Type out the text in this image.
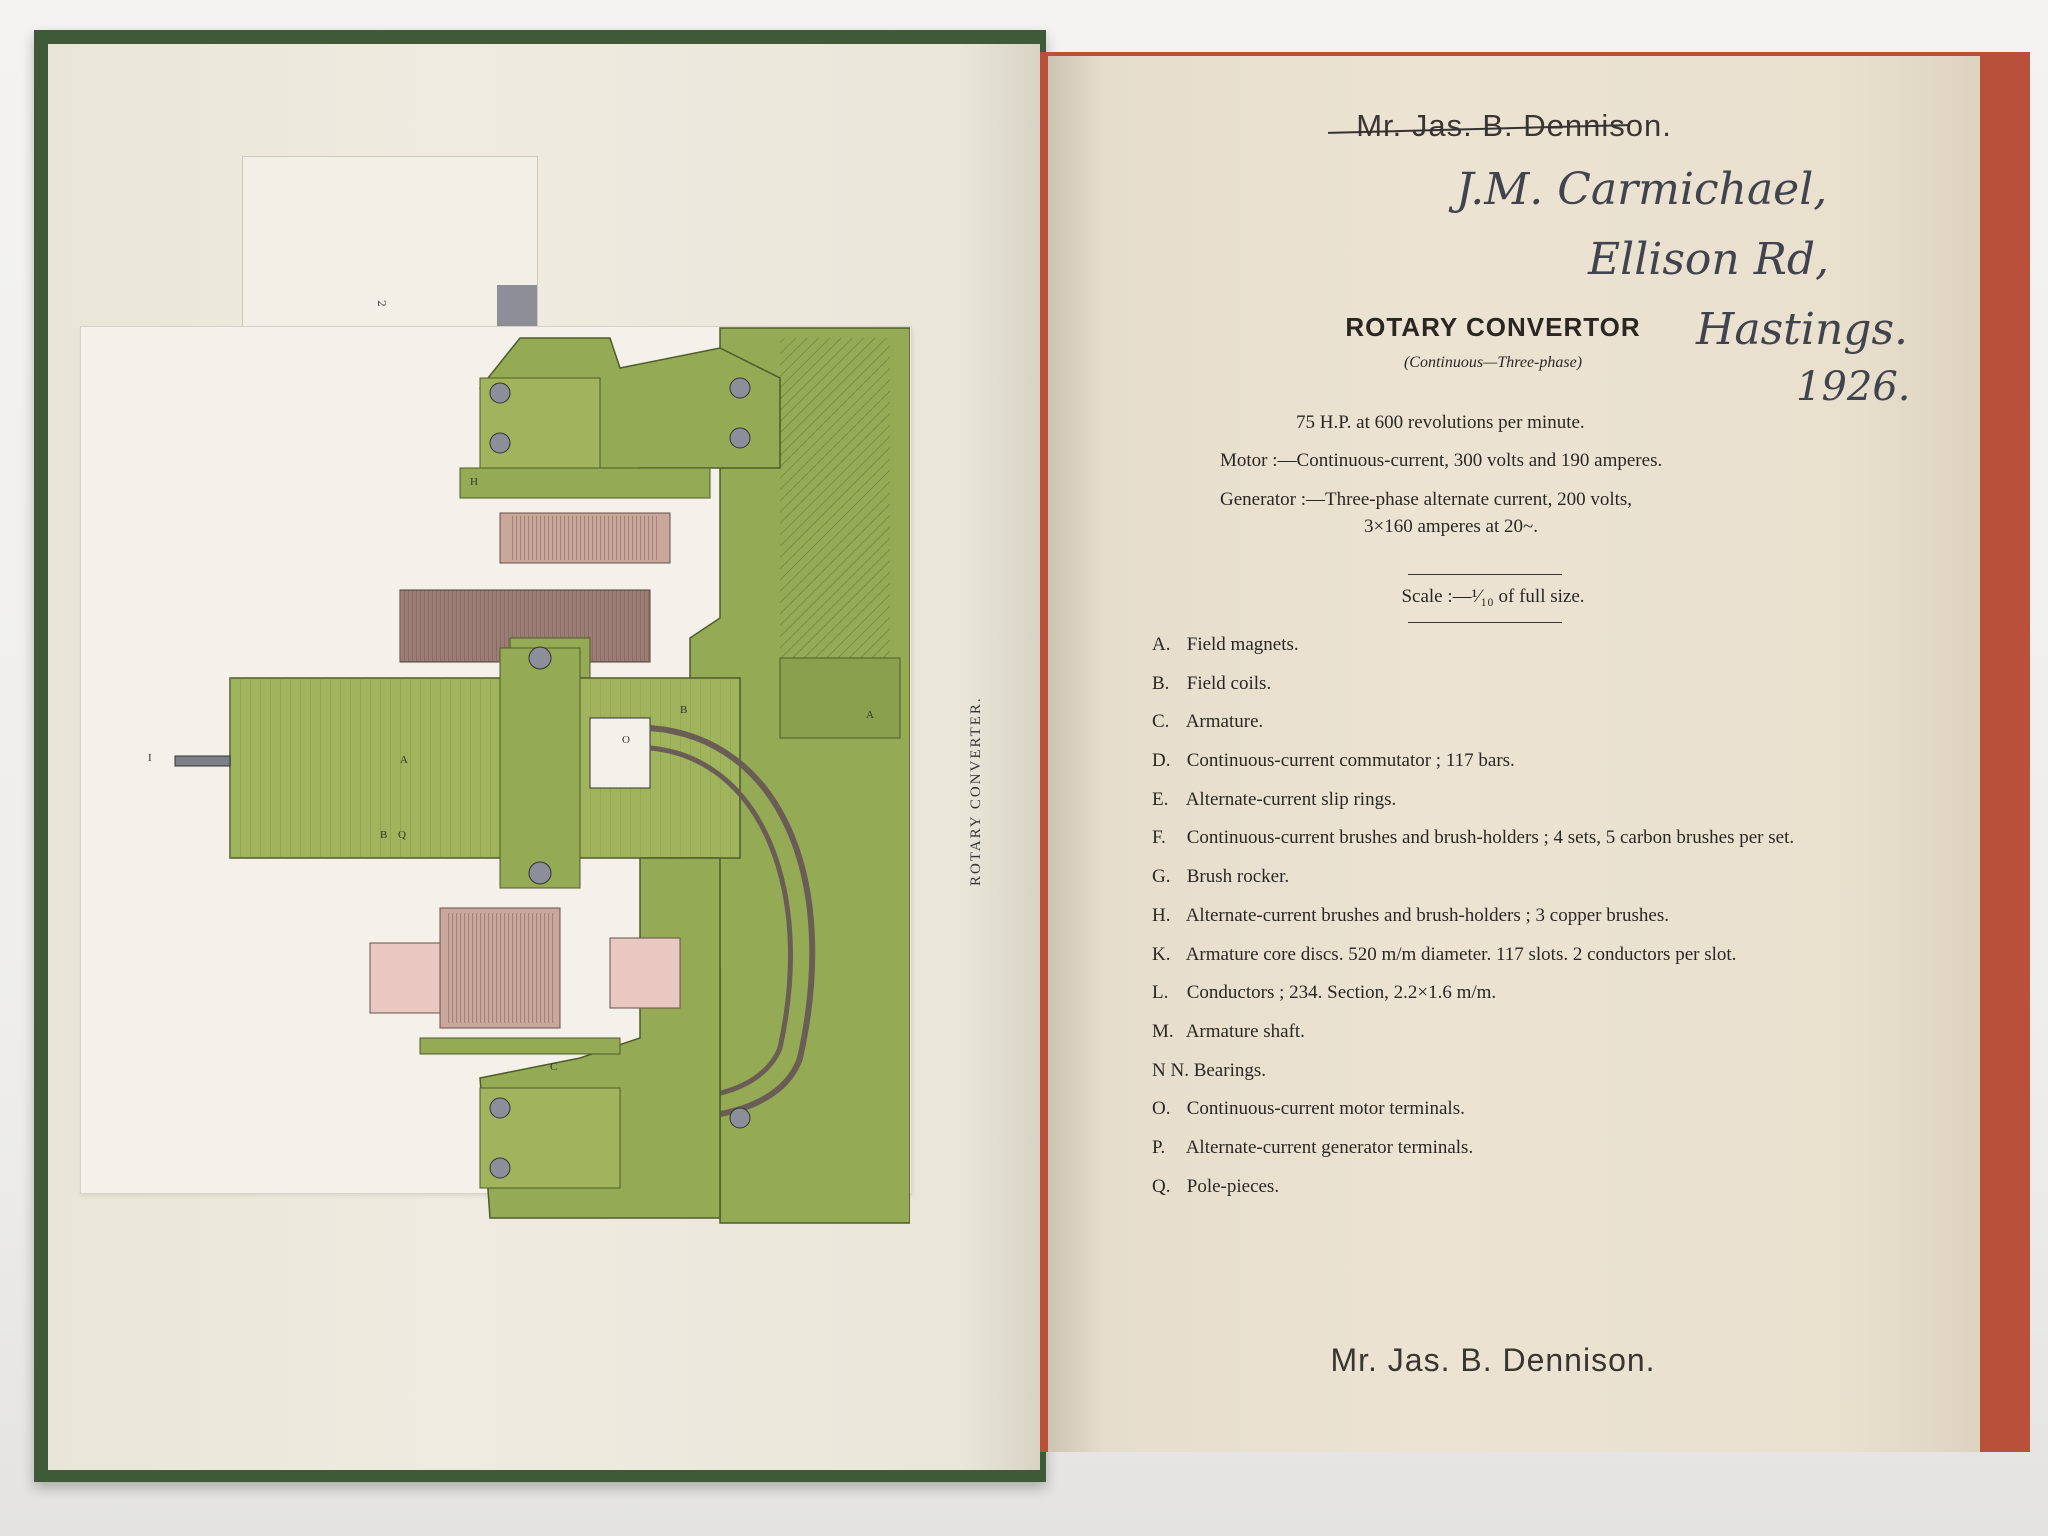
2
I	A
B Q
A
B
H
O
C
Mr. Jas. B. Dennison.
J.M. Carmichael,
Ellison Rd,
Hastings.
1926.
ROTARY CONVERTOR
(Continuous—Three-phase)
75 H.P. at 600 revolutions per minute.
Motor :—Continuous-current, 300 volts and 190 amperes.
Generator :—Three-phase alternate current, 200 volts,
3×160 amperes at 20~.
Scale :—¹⁄₁₀ of full size.
A. Field magnets.
B. Field coils.
C. Armature.
D. Continuous-current commutator ; 117 bars.
E. Alternate-current slip rings.
F. Continuous-current brushes and brush-holders ; 4 sets, 5 carbon brushes per set.
G. Brush rocker.
H. Alternate-current brushes and brush-holders ; 3 copper brushes.
K. Armature core discs. 520 m/m diameter. 117 slots. 2 conductors per slot.
L. Conductors ; 234. Section, 2.2×1.6 m/m.
M. Armature shaft.
N N. Bearings.
O. Continuous-current motor terminals.
P. Alternate-current generator terminals.
Q. Pole-pieces.
Mr. Jas. B. Dennison.
